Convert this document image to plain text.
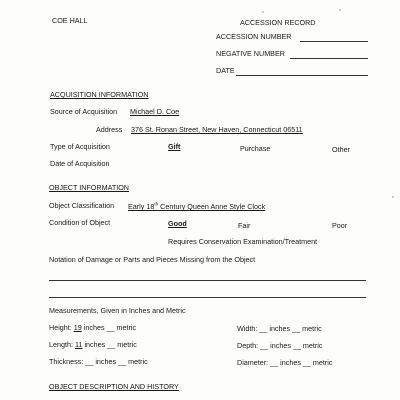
COE HALL	ACCESSION RECORD
ACCESSION NUMBER
NEGATIVE NUMBER
DATE
ACQUISITION INFORMATION
Source of Acquisition Michael D. Coe
Address 376 St. Ronan Street, New Haven, Connecticut 06511
Type of Acquisition	Gift	Purchase	Other
Date of Acquisition
OBJECT INFORMATION
Object Classification Early 18th Century Queen Anne Style Clock
Condition of Object	Good	Fair	Poor
Requires Conservation Examination/Treatment
Notation of Damage or Parts and Pieces Missing from the Object
Measurements, Given in Inches and Metric
Height: 19 inches __ metric	Width: __ inches __ metric
Length: 11 inches __ metric	Depth: __ inches __ metric
Thickness: __ inches __ metric	Diameter: __ inches __ metric
OBJECT DESCRIPTION AND HISTORY
